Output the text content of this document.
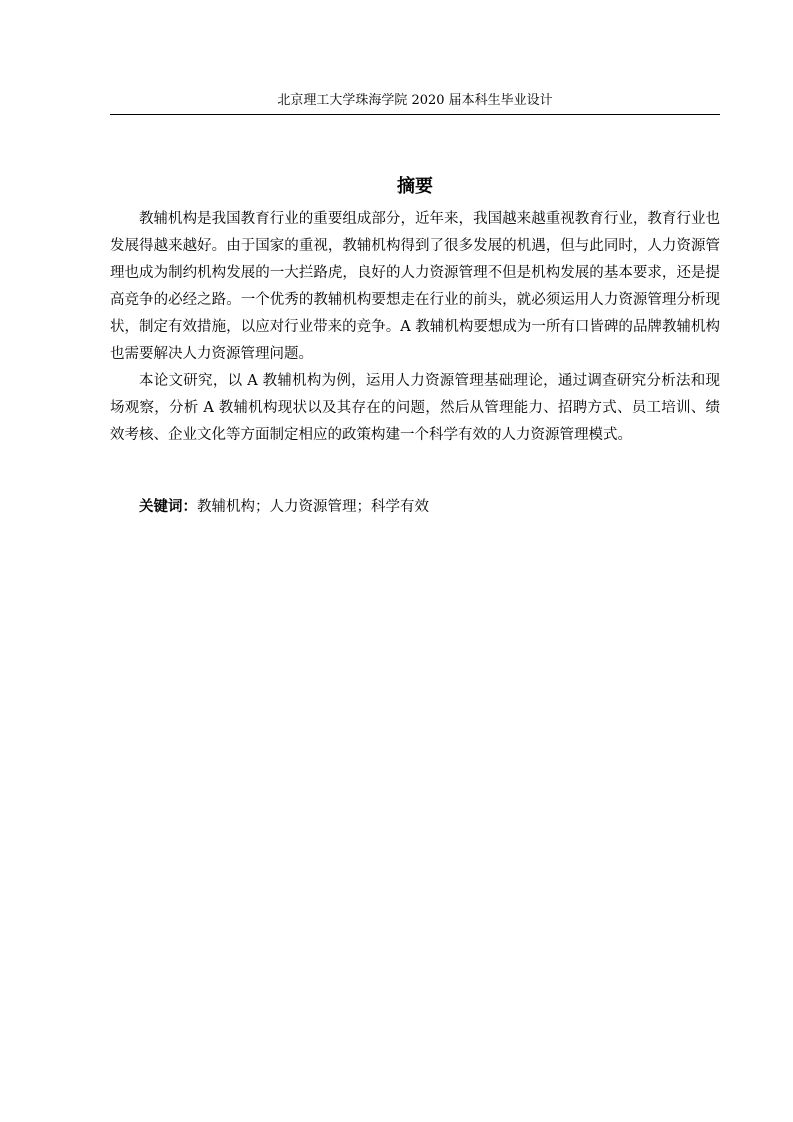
北京理工大学珠海学院 2020 届本科生毕业设计
摘要

教辅机构是我国教育行业的重要组成部分，近年来，我国越来越重视教育行业，教育行业也发展得越来越好。由于国家的重视，教辅机构得到了很多发展的机遇，但与此同时，人力资源管理也成为制约机构发展的一大拦路虎，良好的人力资源管理不但是机构发展的基本要求，还是提高竞争的必经之路。一个优秀的教辅机构要想走在行业的前头，就必须运用人力资源管理分析现状，制定有效措施，以应对行业带来的竞争。A 教辅机构要想成为一所有口皆碑的品牌教辅机构也需要解决人力资源管理问题。

本论文研究，以 A 教辅机构为例，运用人力资源管理基础理论，通过调查研究分析法和现场观察，分析 A 教辅机构现状以及其存在的问题，然后从管理能力、招聘方式、员工培训、绩效考核、企业文化等方面制定相应的政策构建一个科学有效的人力资源管理模式。

关键词：教辅机构；人力资源管理；科学有效
